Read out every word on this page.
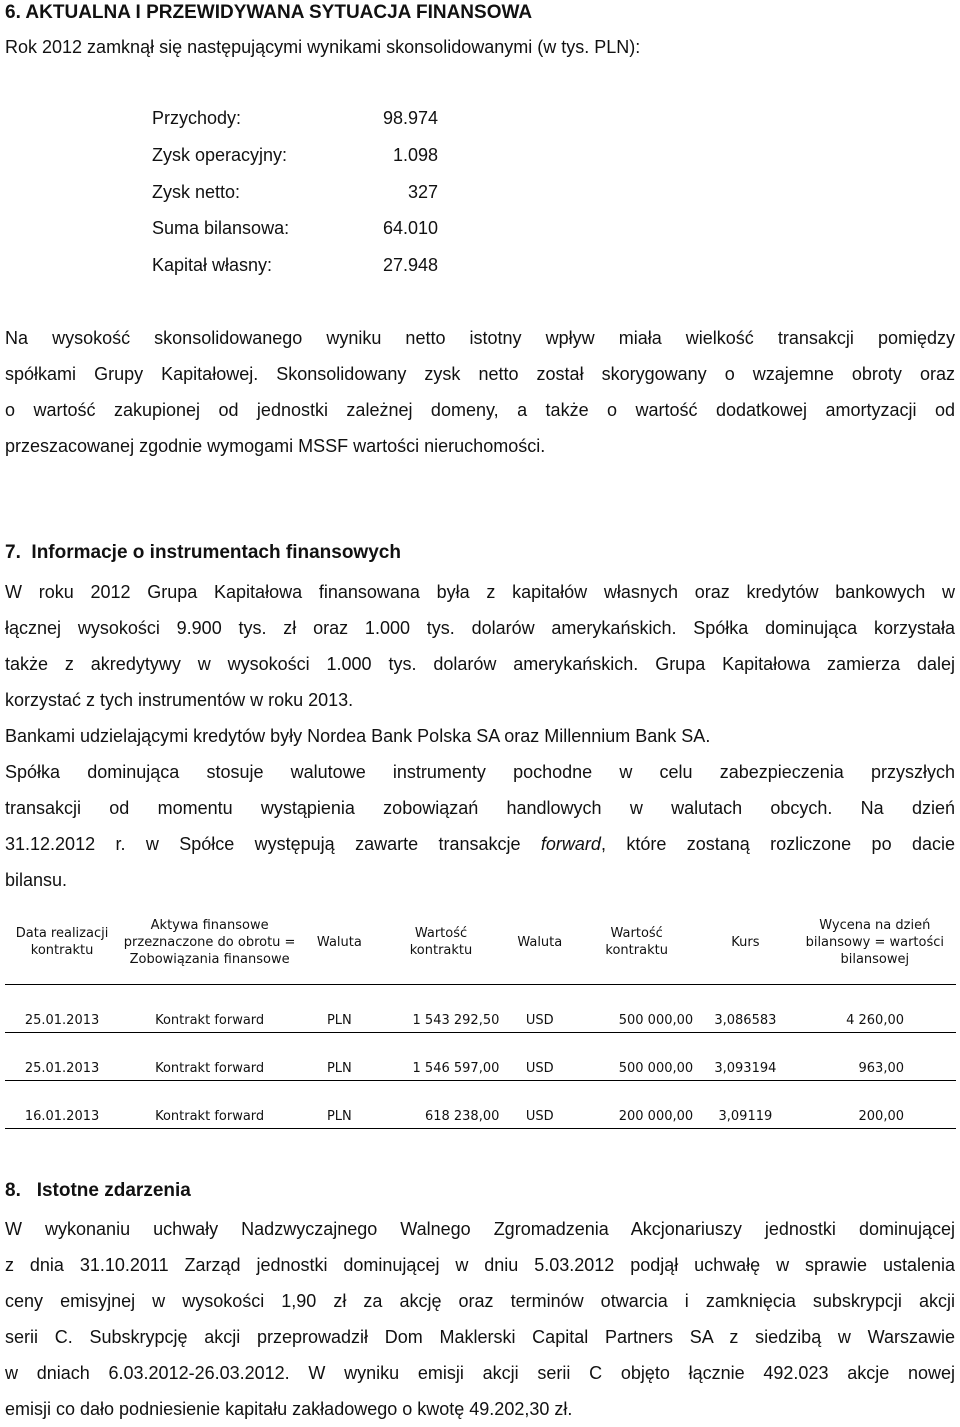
6. AKTUALNA I PRZEWIDYWANA SYTUACJA FINANSOWA
Rok 2012 zamknął się następującymi wynikami skonsolidowanymi (w tys. PLN):
Przychody:	98.974
Zysk operacyjny:	1.098
Zysk netto:	327
Suma bilansowa:	64.010
Kapitał własny:	27.948
Na wysokość skonsolidowanego wyniku netto istotny wpływ miała wielkość transakcji pomiędzy
spółkami Grupy Kapitałowej. Skonsolidowany zysk netto został skorygowany o wzajemne obroty oraz
o wartość zakupionej od jednostki zależnej domeny, a także o wartość dodatkowej amortyzacji od
przeszacowanej zgodnie wymogami MSSF wartości nieruchomości.
7. Informacje o instrumentach finansowych
W roku 2012 Grupa Kapitałowa finansowana była z kapitałów własnych oraz kredytów bankowych w
łącznej wysokości 9.900 tys. zł oraz 1.000 tys. dolarów amerykańskich. Spółka dominująca korzystała
także z akredytywy w wysokości 1.000 tys. dolarów amerykańskich. Grupa Kapitałowa zamierza dalej
korzystać z tych instrumentów w roku 2013.
Bankami udzielającymi kredytów były Nordea Bank Polska SA oraz Millennium Bank SA.
Spółka dominująca stosuje walutowe instrumenty pochodne w celu zabezpieczenia przyszłych
transakcji od momentu wystąpienia zobowiązań handlowych w walutach obcych. Na dzień
31.12.2012 r. w Spółce występują zawarte transakcje forward, które zostaną rozliczone po dacie
bilansu.
Data realizacji kontraktu	Aktywa finansowe przeznaczone do obrotu = Zobowiązania finansowe	Waluta	Wartość kontraktu	Waluta	Wartość kontraktu	Kurs	Wycena na dzień bilansowy = wartości bilansowej
25.01.2013	Kontrakt forward	PLN	1 543 292,50	USD	500 000,00	3,086583	4 260,00
25.01.2013	Kontrakt forward	PLN	1 546 597,00	USD	500 000,00	3,093194	963,00
16.01.2013	Kontrakt forward	PLN	618 238,00	USD	200 000,00	3,09119	200,00
8. Istotne zdarzenia
W wykonaniu uchwały Nadzwyczajnego Walnego Zgromadzenia Akcjonariuszy jednostki dominującej
z dnia 31.10.2011 Zarząd jednostki dominującej w dniu 5.03.2012 podjął uchwałę w sprawie ustalenia
ceny emisyjnej w wysokości 1,90 zł za akcję oraz terminów otwarcia i zamknięcia subskrypcji akcji
serii C. Subskrypcję akcji przeprowadził Dom Maklerski Capital Partners SA z siedzibą w Warszawie
w dniach 6.03.2012-26.03.2012. W wyniku emisji akcji serii C objęto łącznie 492.023 akcje nowej
emisji co dało podniesienie kapitału zakładowego o kwotę 49.202,30 zł.
